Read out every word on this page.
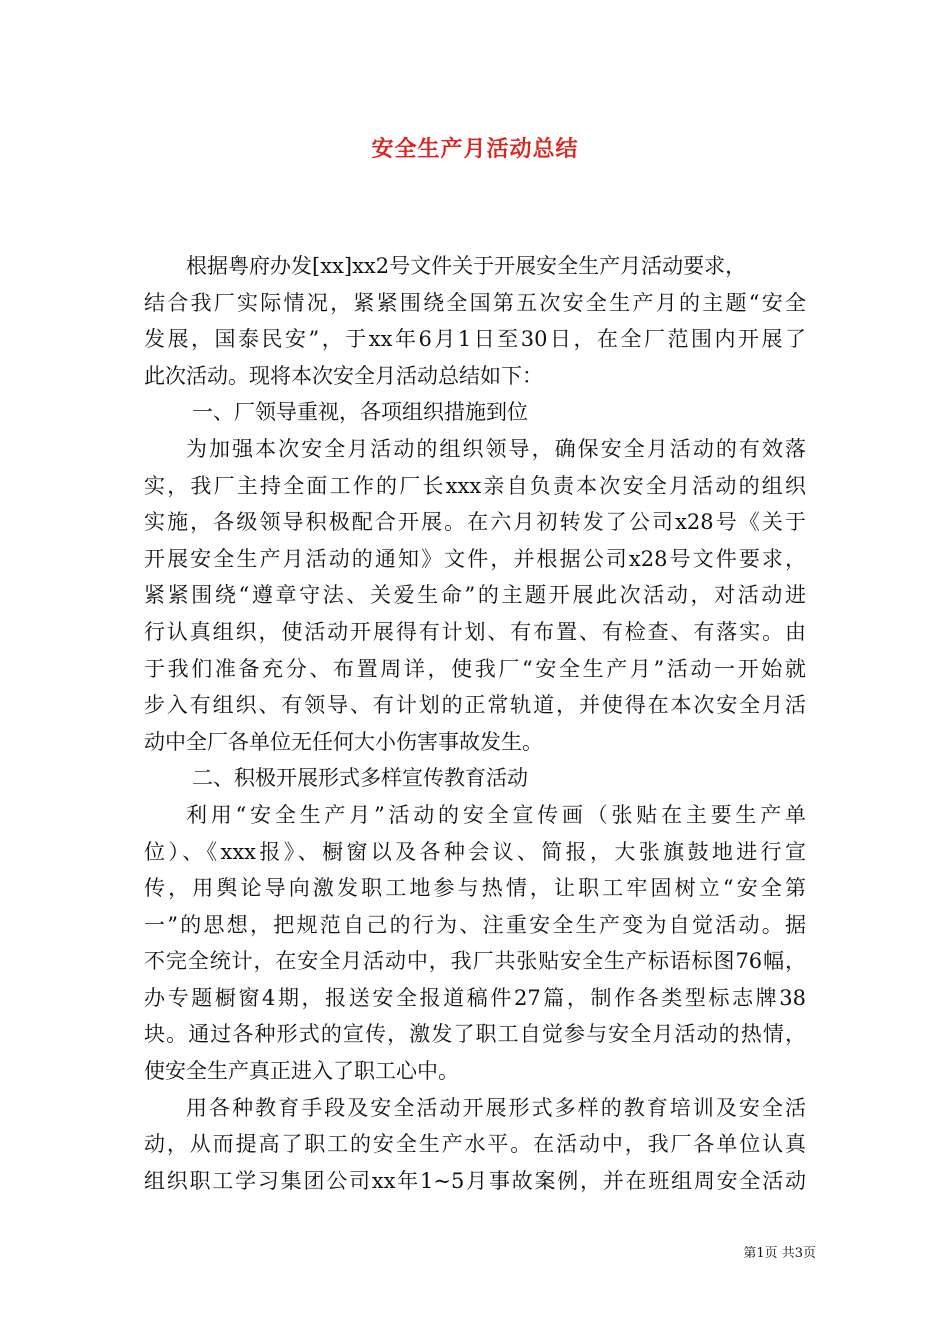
安全生产月活动总结
根据粤府办发[xx]xx2号文件关于开展安全生产月活动要求，
结合我厂实际情况，紧紧围绕全国第五次安全生产月的主题“安全
发展，国泰民安”，于xx年6月1日至30日，在全厂范围内开展了
此次活动。现将本次安全月活动总结如下：
一、厂领导重视，各项组织措施到位
为加强本次安全月活动的组织领导，确保安全月活动的有效落
实，我厂主持全面工作的厂长xxx亲自负责本次安全月活动的组织
实施，各级领导积极配合开展。在六月初转发了公司x28号《关于
开展安全生产月活动的通知》文件，并根据公司x28号文件要求，
紧紧围绕“遵章守法、关爱生命”的主题开展此次活动，对活动进
行认真组织，使活动开展得有计划、有布置、有检查、有落实。由
于我们准备充分、布置周详，使我厂“安全生产月”活动一开始就
步入有组织、有领导、有计划的正常轨道，并使得在本次安全月活
动中全厂各单位无任何大小伤害事故发生。
二、积极开展形式多样宣传教育活动
利用“安全生产月”活动的安全宣传画（张贴在主要生产单
位）、《xxx报》、橱窗以及各种会议、简报，大张旗鼓地进行宣
传，用舆论导向激发职工地参与热情，让职工牢固树立“安全第
一”的思想，把规范自己的行为、注重安全生产变为自觉活动。据
不完全统计，在安全月活动中，我厂共张贴安全生产标语标图76幅，
办专题橱窗4期，报送安全报道稿件27篇，制作各类型标志牌38
块。通过各种形式的宣传，激发了职工自觉参与安全月活动的热情，
使安全生产真正进入了职工心中。
用各种教育手段及安全活动开展形式多样的教育培训及安全活
动，从而提高了职工的安全生产水平。在活动中，我厂各单位认真
组织职工学习集团公司xx年1~5月事故案例，并在班组周安全活动
第1页 共3页
